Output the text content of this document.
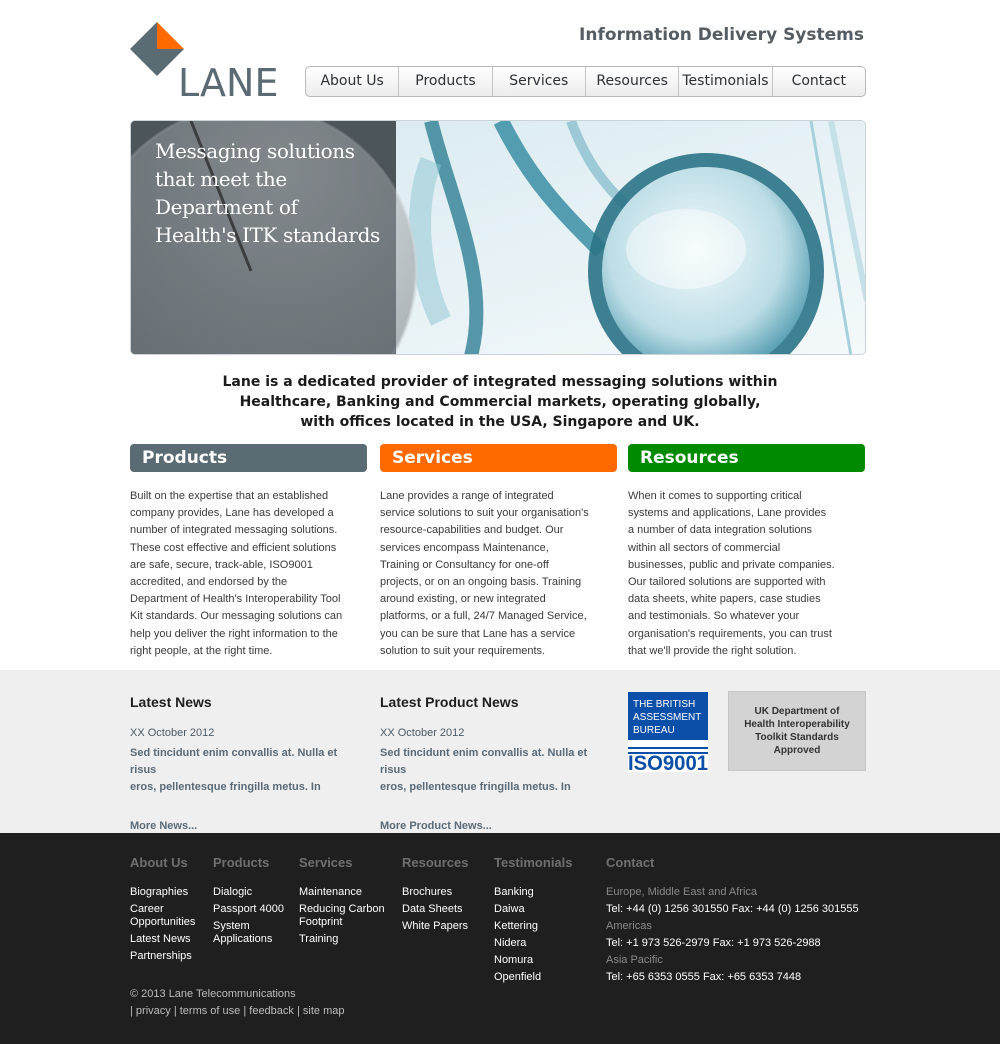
LANE
Information Delivery Systems
About Us	Products	Services	Resources	Testimonials	Contact
Messaging solutions
that meet the
Department of
Health's ITK standards
Lane is a dedicated provider of integrated messaging solutions within
Healthcare, Banking and Commercial markets, operating globally,
with offices located in the USA, Singapore and UK.
Products
Built on the expertise that an established
company provides, Lane has developed a
number of integrated messaging solutions.
These cost effective and efficient solutions
are safe, secure, track-able, ISO9001
accredited, and endorsed by the
Department of Health's Interoperability Tool
Kit standards. Our messaging solutions can
help you deliver the right information to the
right people, at the right time.
Services
Lane provides a range of integrated
service solutions to suit your organisation's
resource-capabilities and budget. Our
services encompass Maintenance,
Training or Consultancy for one-off
projects, or on an ongoing basis. Training
around existing, or new integrated
platforms, or a full, 24/7 Managed Service,
you can be sure that Lane has a service
solution to suit your requirements.
Resources
When it comes to supporting critical
systems and applications, Lane provides
a number of data integration solutions
within all sectors of commercial
businesses, public and private companies.
Our tailored solutions are supported with
data sheets, white papers, case studies
and testimonials. So whatever your
organisation's requirements, you can trust
that we'll provide the right solution.
Latest News
XX October 2012
Sed tincidunt enim convallis at. Nulla et risus
eros, pellentesque fringilla metus. In
More News...
Latest Product News
XX October 2012
Sed tincidunt enim convallis at. Nulla et risus
eros, pellentesque fringilla metus. In
More Product News...
THE BRITISH
ASSESSMENT
BUREAU
ISO9001
UK Department of
Health Interoperability
Toolkit Standards
Approved
About Us
Biographies
Career Opportunities
Latest News
Partnerships
Products
Dialogic
Passport 4000
System Applications
Services
Maintenance
Reducing Carbon Footprint
Training
Resources
Brochures
Data Sheets
White Papers
Testimonials
Banking
Daiwa
Kettering
Nidera
Nomura
Openfield
Contact
Europe, Middle East and Africa
Tel: +44 (0) 1256 301550 Fax: +44 (0) 1256 301555
Americas
Tel: +1 973 526-2979 Fax: +1 973 526-2988
Asia Pacific
Tel: +65 6353 0555 Fax: +65 6353 7448
© 2013 Lane Telecommunications
| privacy | terms of use | feedback | site map
